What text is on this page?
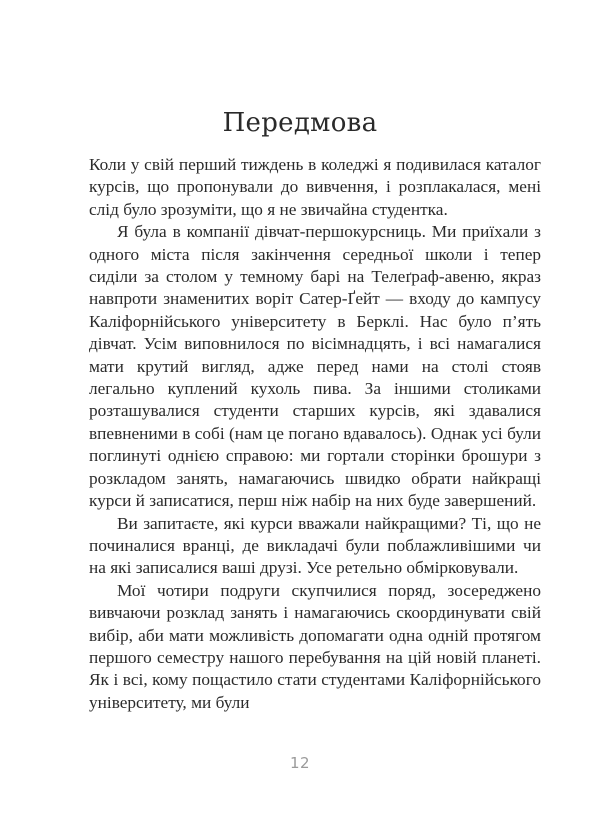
Передмова

Коли у свій перший тиждень в коледжі я подивилася каталог курсів, що пропонували до вивчення, і розплакалася, мені слід було зрозуміти, що я не звичайна студентка.

Я була в компанії дівчат-першокурсниць. Ми приїхали з одного міста після закінчення середньої школи і тепер сиділи за столом у темному барі на Телеґраф-авеню, якраз навпроти знаменитих воріт Сатер-Ґейт — входу до кампусу Каліфорнійського університету в Берклі. Нас було п’ять дівчат. Усім виповнилося по вісімнадцять, і всі намагалися мати крутий вигляд, адже перед нами на столі стояв легально куплений кухоль пива. За іншими столиками розташувалися студенти старших курсів, які здавалися впевненими в собі (нам це погано вдавалось). Однак усі були поглинуті однією справою: ми гортали сторінки брошури з розкладом занять, намагаючись швидко обрати найкращі курси й записатися, перш ніж набір на них буде завершений.

Ви запитаєте, які курси вважали найкращими? Ті, що не починалися вранці, де викладачі були поблажливішими чи на які записалися ваші друзі. Усе ретельно обмірковували.

Мої чотири подруги скупчилися поряд, зосереджено вивчаючи розклад занять і намагаючись скоординувати свій вибір, аби мати можливість допомагати одна одній протягом першого семестру нашого перебування на цій новій планеті. Як і всі, кому пощастило стати студентами Каліфорнійського університету, ми були

12
